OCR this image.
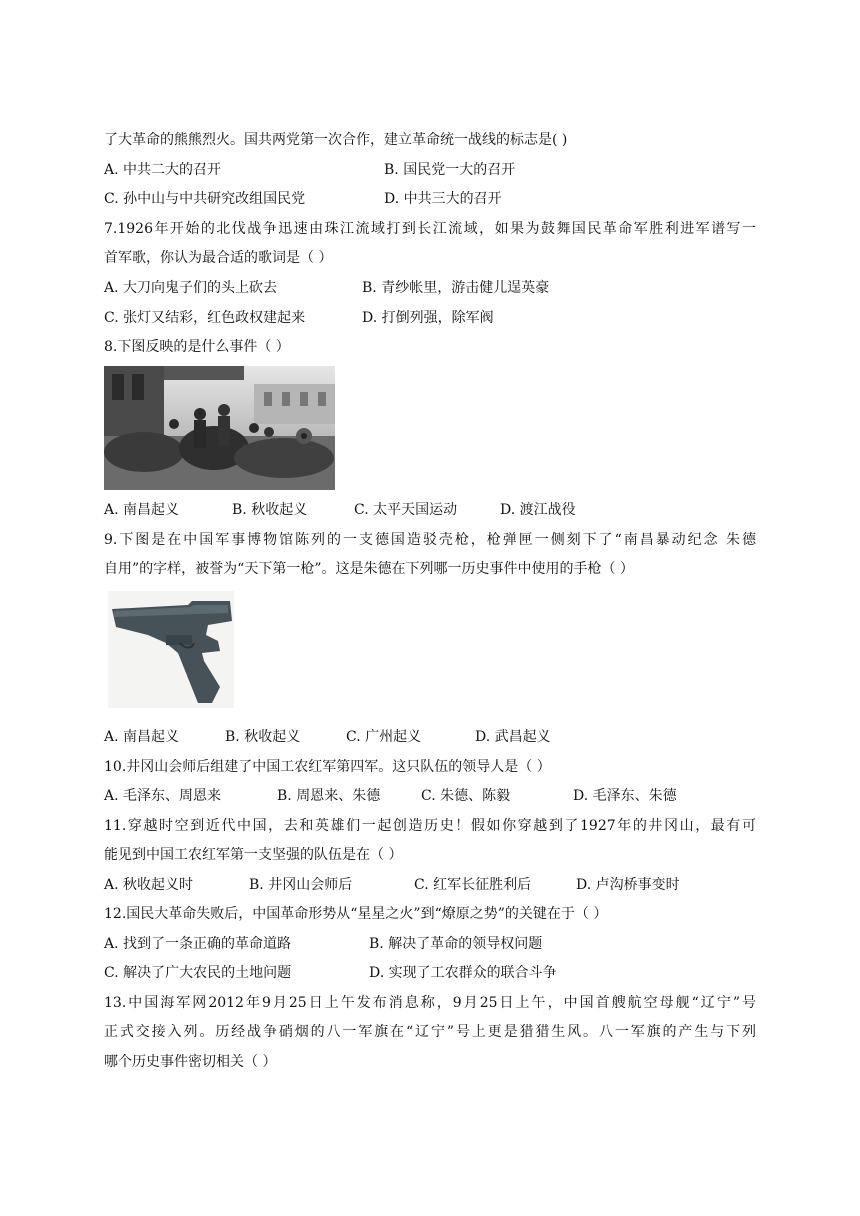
了大革命的熊熊烈火。国共两党第一次合作，建立革命统一战线的标志是( )
A. 中共二大的召开	B. 国民党一大的召开
C. 孙中山与中共研究改组国民党	D. 中共三大的召开
7.1926年开始的北伐战争迅速由珠江流域打到长江流域，如果为鼓舞国民革命军胜利进军谱写一
首军歌，你认为最合适的歌词是（ ）
A. 大刀向鬼子们的头上砍去	B. 青纱帐里，游击健儿逞英豪
C. 张灯又结彩，红色政权建起来	D. 打倒列强，除军阀
8.下图反映的是什么事件（ ）
A. 南昌起义	B. 秋收起义	C. 太平天国运动	D. 渡江战役
9.下图是在中国军事博物馆陈列的一支德国造驳壳枪，枪弹匣一侧刻下了“南昌暴动纪念 朱德
自用”的字样，被誉为“天下第一枪”。这是朱德在下列哪一历史事件中使用的手枪（ ）
A. 南昌起义	B. 秋收起义	C. 广州起义	D. 武昌起义
10.井冈山会师后组建了中国工农红军第四军。这只队伍的领导人是（ ）
A. 毛泽东、周恩来	B. 周恩来、朱德	C. 朱德、陈毅	D. 毛泽东、朱德
11.穿越时空到近代中国，去和英雄们一起创造历史！假如你穿越到了1927年的井冈山，最有可
能见到中国工农红军第一支坚强的队伍是在（ ）
A. 秋收起义时	B. 井冈山会师后	C. 红军长征胜利后	D. 卢沟桥事变时
12.国民大革命失败后，中国革命形势从“星星之火”到“燎原之势”的关键在于（ ）
A. 找到了一条正确的革命道路	B. 解决了革命的领导权问题
C. 解决了广大农民的土地问题	D. 实现了工农群众的联合斗争
13.中国海军网2012年9月25日上午发布消息称，9月25日上午，中国首艘航空母舰“辽宁”号
正式交接入列。历经战争硝烟的八一军旗在“辽宁”号上更是猎猎生风。八一军旗的产生与下列
哪个历史事件密切相关（ ）
